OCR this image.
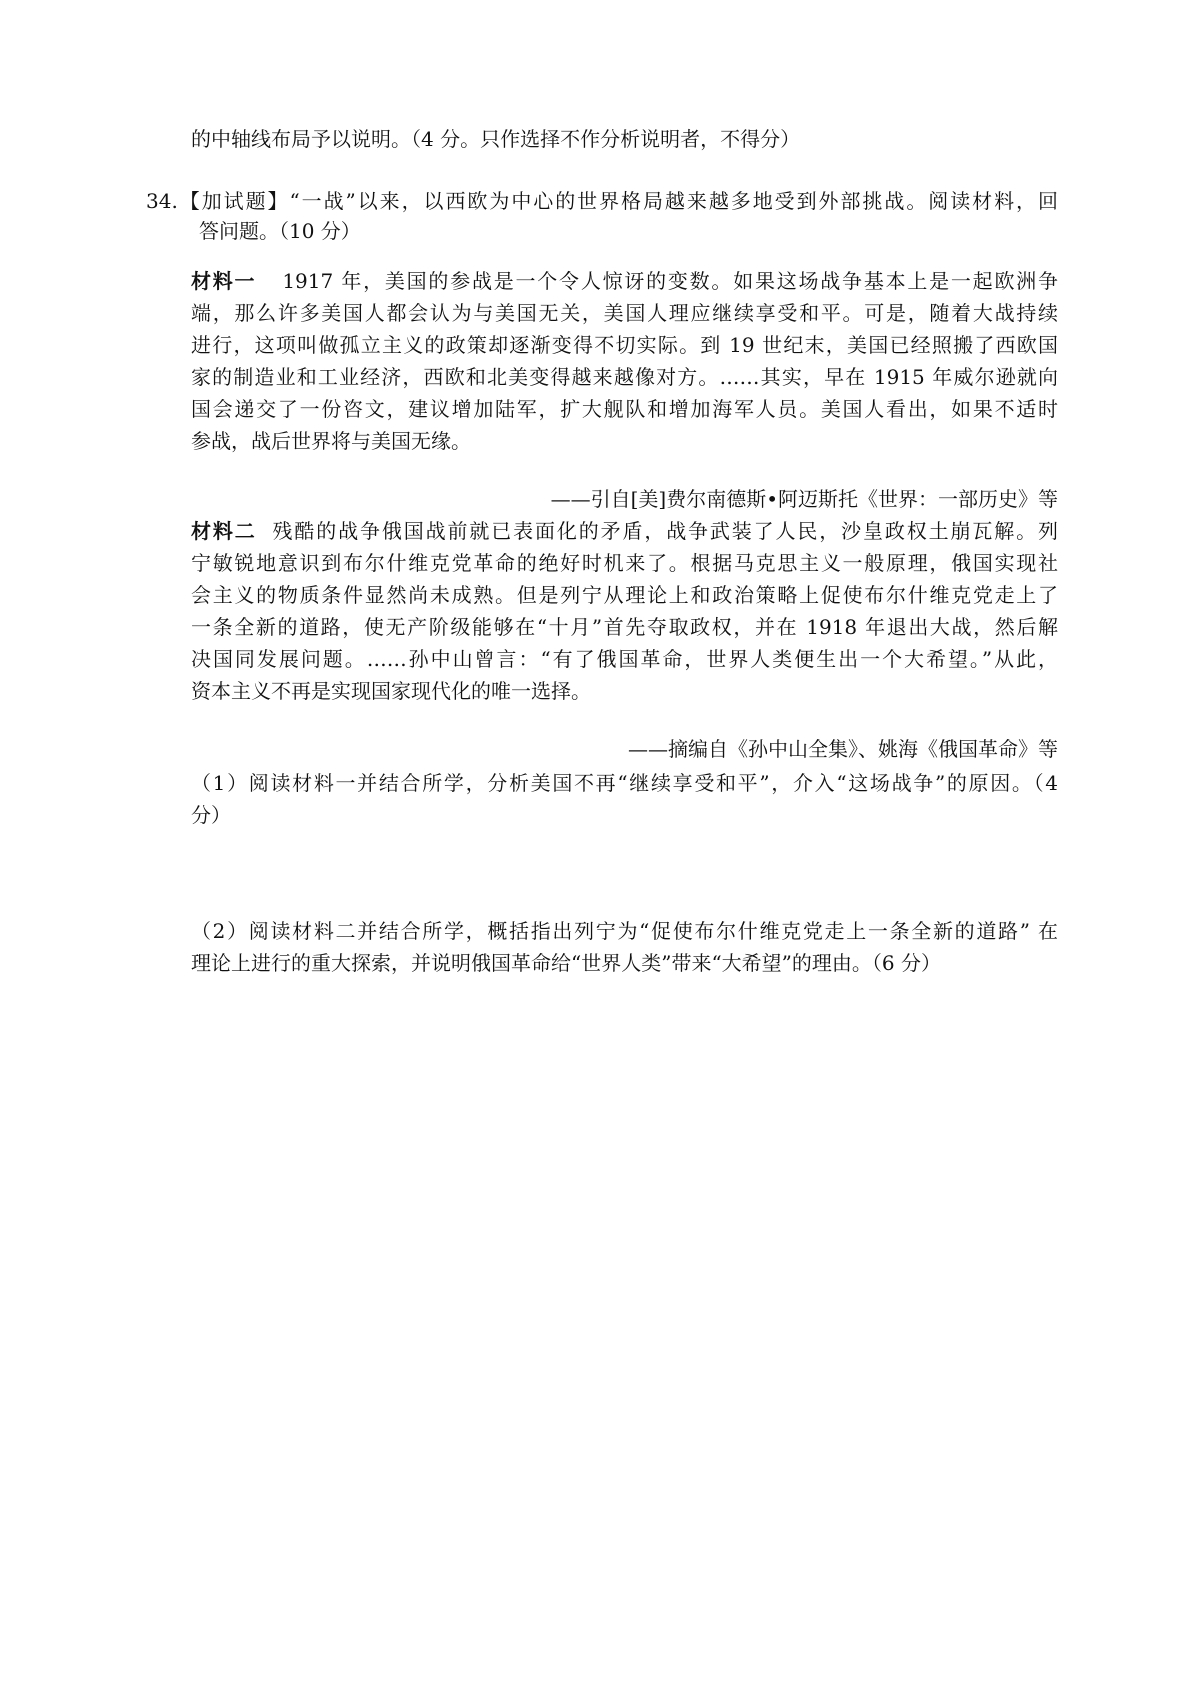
的中轴线布局予以说明。（4 分。只作选择不作分析说明者，不得分）
34.【加试题】“一战”以来，以西欧为中心的世界格局越来越多地受到外部挑战。阅读材料，回
答问题。（10 分）
材料一 1917 年，美国的参战是一个令人惊讶的变数。如果这场战争基本上是一起欧洲争
端，那么许多美国人都会认为与美国无关，美国人理应继续享受和平。可是，随着大战持续
进行，这项叫做孤立主义的政策却逐渐变得不切实际。到 19 世纪末，美国已经照搬了西欧国
家的制造业和工业经济，西欧和北美变得越来越像对方。……其实，早在 1915 年威尔逊就向
国会递交了一份咨文，建议增加陆军，扩大舰队和增加海军人员。美国人看出，如果不适时
参战，战后世界将与美国无缘。
——引自[美]费尔南德斯•阿迈斯托《世界：一部历史》等
材料二 残酷的战争俄国战前就已表面化的矛盾，战争武装了人民，沙皇政权土崩瓦解。列
宁敏锐地意识到布尔什维克党革命的绝好时机来了。根据马克思主义一般原理，俄国实现社
会主义的物质条件显然尚未成熟。但是列宁从理论上和政治策略上促使布尔什维克党走上了
一条全新的道路，使无产阶级能够在“十月”首先夺取政权，并在 1918 年退出大战，然后解
决国同发展问题。……孙中山曾言：“有了俄国革命，世界人类便生出一个大希望。”从此，
资本主义不再是实现国家现代化的唯一选择。
——摘编自《孙中山全集》、姚海《俄国革命》等
（1）阅读材料一并结合所学，分析美国不再“继续享受和平”，介入“这场战争”的原因。（4
分）
（2）阅读材料二并结合所学，概括指出列宁为“促使布尔什维克党走上一条全新的道路” 在
理论上进行的重大探索，并说明俄国革命给“世界人类”带来“大希望”的理由。（6 分）
